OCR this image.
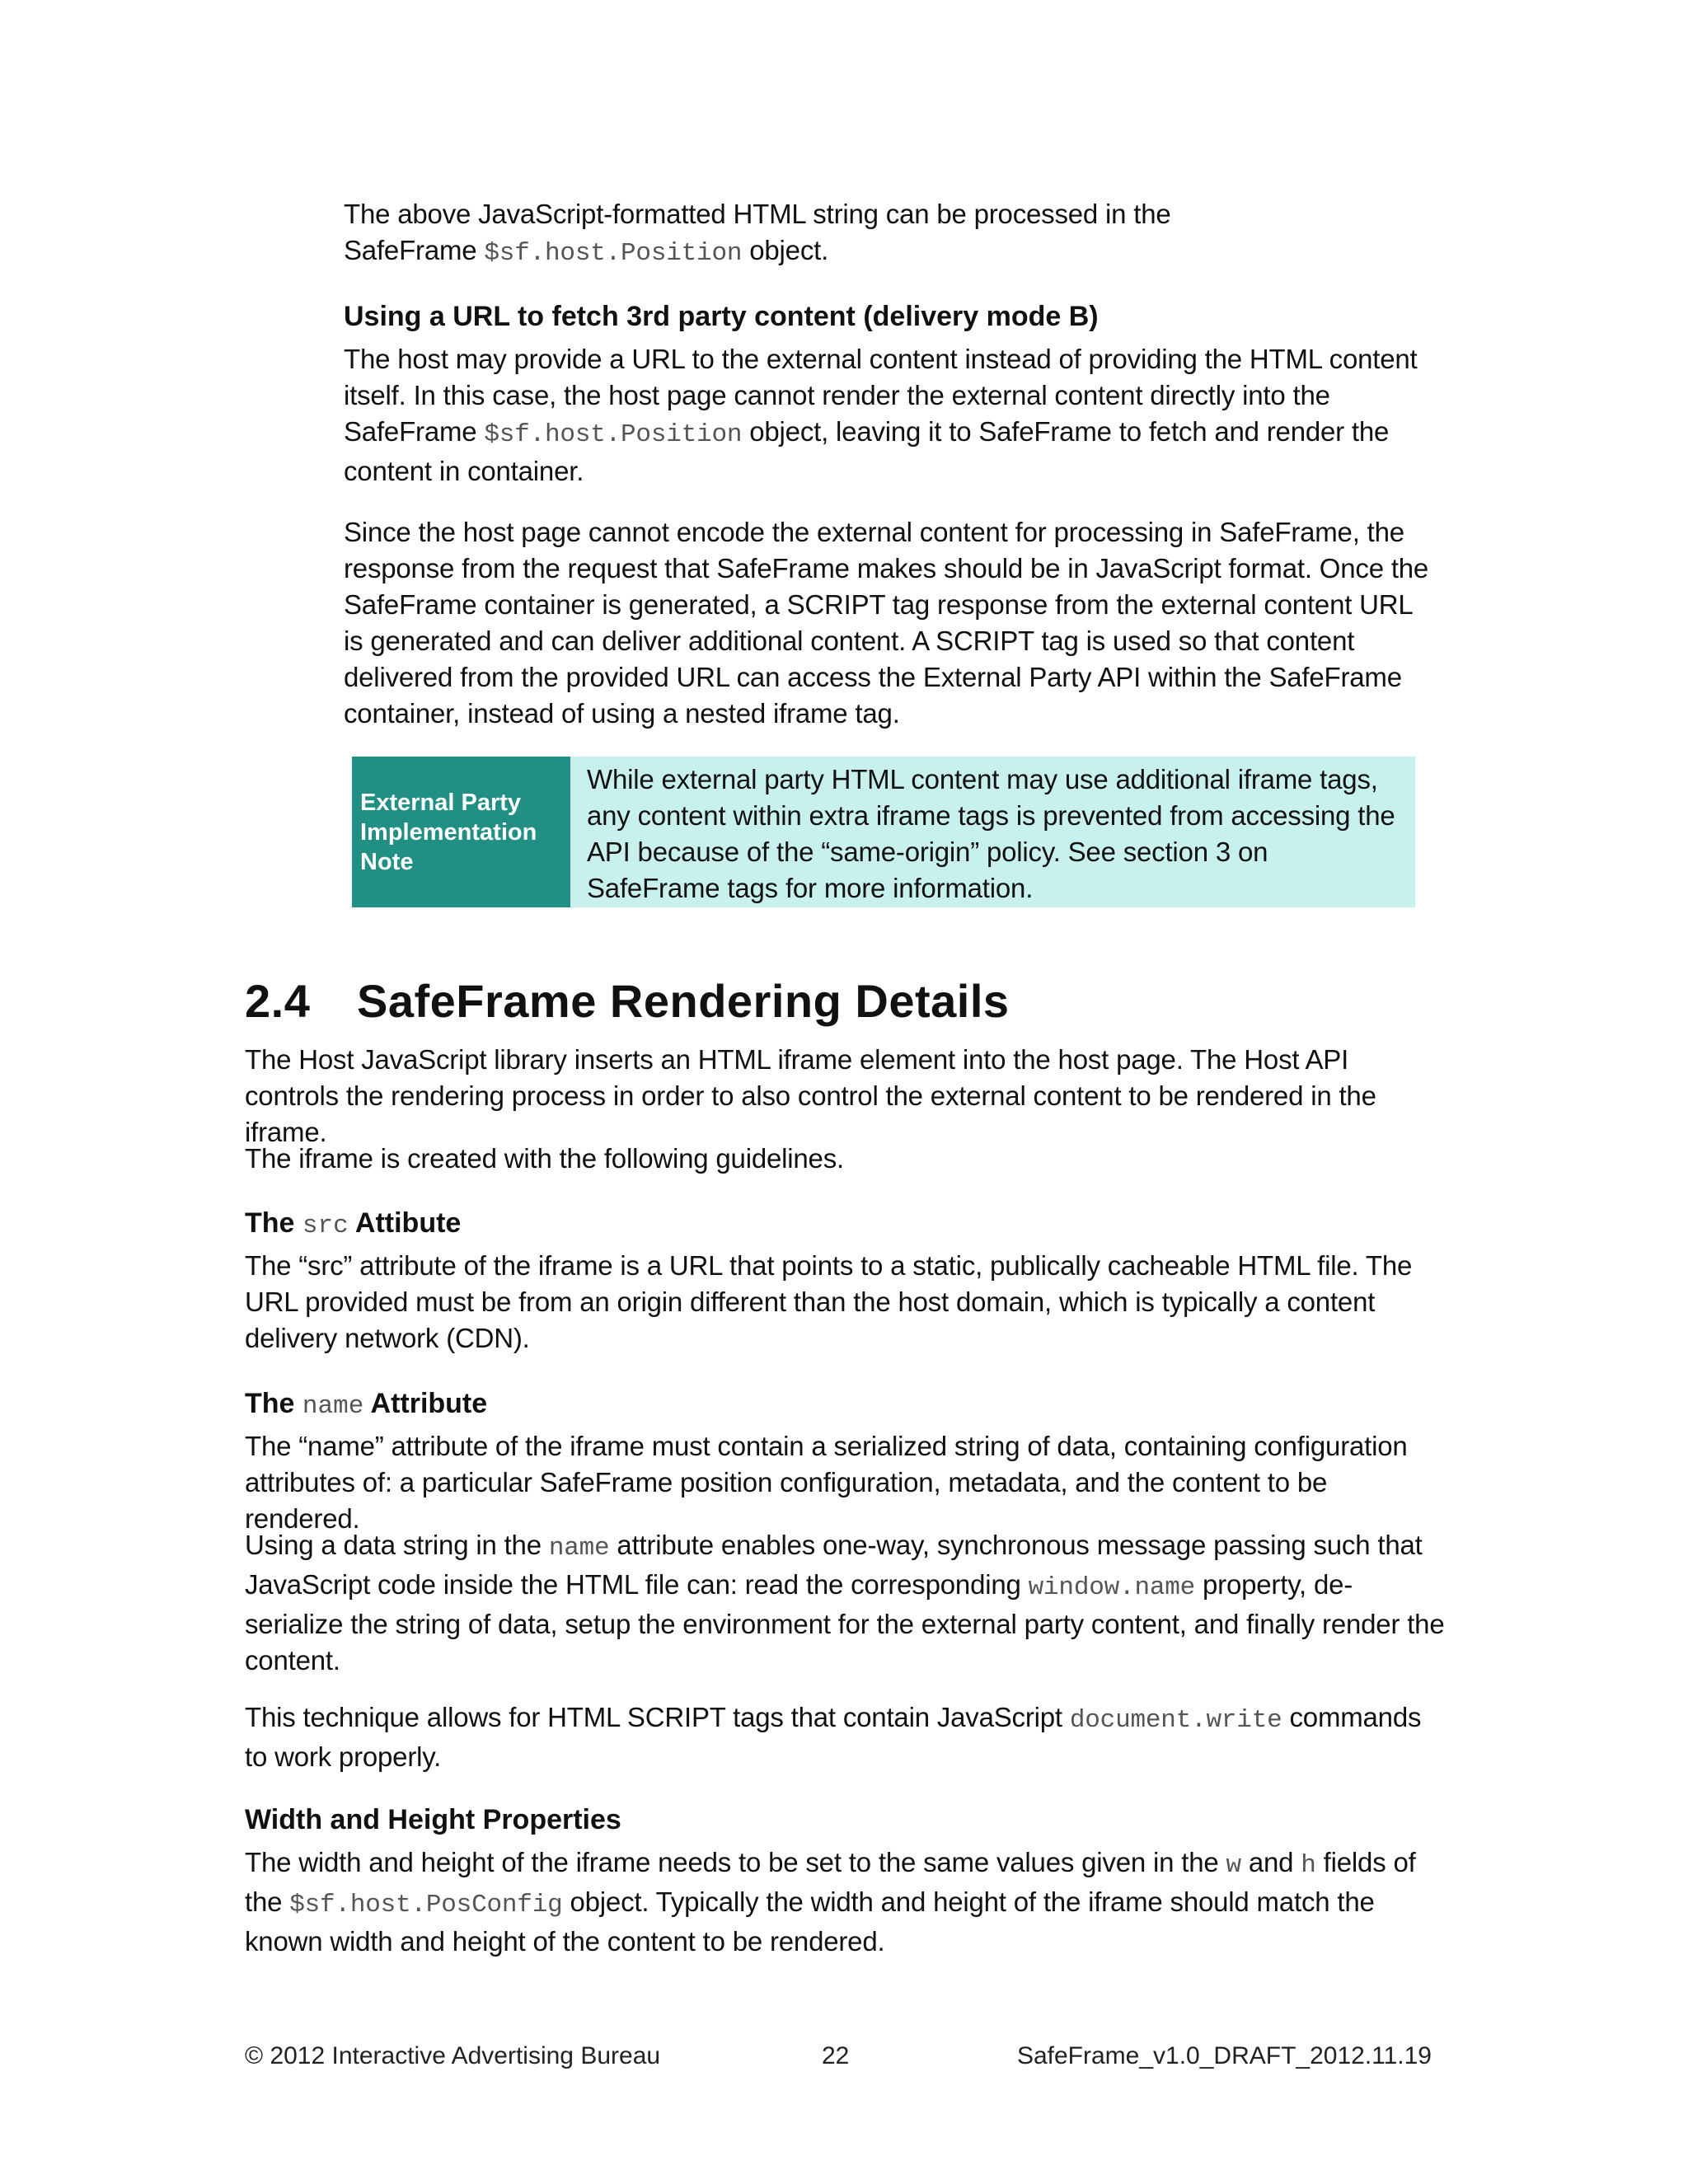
The above JavaScript-formatted HTML string can be processed in the
SafeFrame $sf.host.Position object.

Using a URL to fetch 3rd party content (delivery mode B)

The host may provide a URL to the external content instead of providing the HTML content itself. In this case, the host page cannot render the external content directly into the SafeFrame $sf.host.Position object, leaving it to SafeFrame to fetch and render the content in container.

Since the host page cannot encode the external content for processing in SafeFrame, the response from the request that SafeFrame makes should be in JavaScript format. Once the SafeFrame container is generated, a SCRIPT tag response from the external content URL is generated and can deliver additional content. A SCRIPT tag is used so that content delivered from the provided URL can access the External Party API within the SafeFrame container, instead of using a nested iframe tag.

External Party
Implementation
Note
While external party HTML content may use additional iframe tags, any content within extra iframe tags is prevented from accessing the API because of the “same-origin” policy. See section 3 on SafeFrame tags for more information.
2.4 SafeFrame Rendering Details

The Host JavaScript library inserts an HTML iframe element into the host page. The Host API controls the rendering process in order to also control the external content to be rendered in the iframe.

The iframe is created with the following guidelines.

The src Attibute

The “src” attribute of the iframe is a URL that points to a static, publically cacheable HTML file. The URL provided must be from an origin different than the host domain, which is typically a content delivery network (CDN).

The name Attribute

The “name” attribute of the iframe must contain a serialized string of data, containing configuration attributes of: a particular SafeFrame position configuration, metadata, and the content to be rendered.

Using a data string in the name attribute enables one-way, synchronous message passing such that JavaScript code inside the HTML file can: read the corresponding window.name property, de-serialize the string of data, setup the environment for the external party content, and finally render the content.

This technique allows for HTML SCRIPT tags that contain JavaScript document.write commands to work properly.

Width and Height Properties

The width and height of the iframe needs to be set to the same values given in the w and h fields of the $sf.host.PosConfig object. Typically the width and height of the iframe should match the known width and height of the content to be rendered.

© 2012 Interactive Advertising Bureau	22	SafeFrame_v1.0_DRAFT_2012.11.19
